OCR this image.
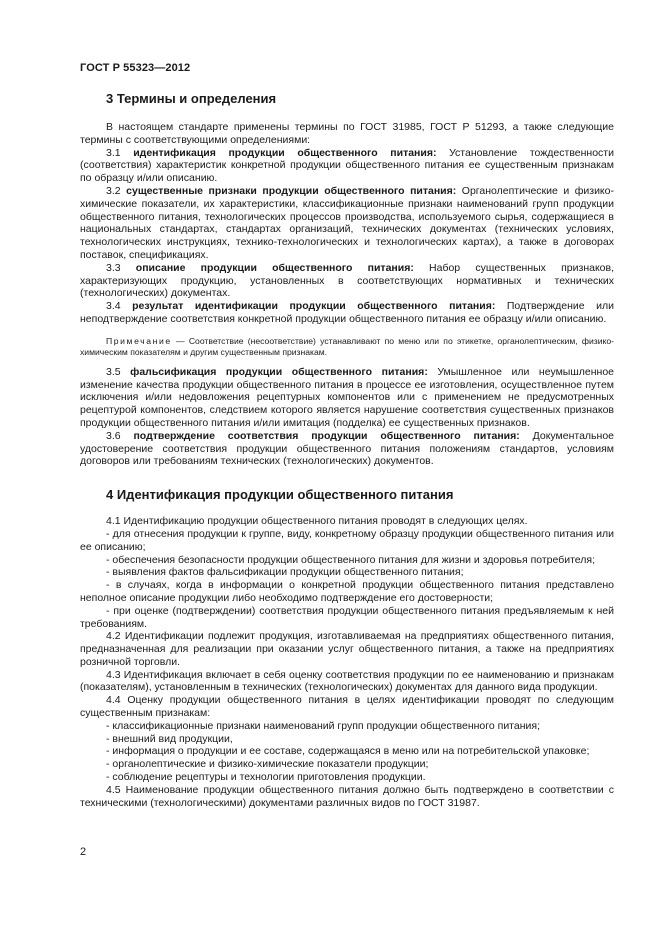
ГОСТ Р 55323—2012
3 Термины и определения

В настоящем стандарте применены термины по ГОСТ 31985, ГОСТ Р 51293, а также следующие термины с соответствующими определениями:

3.1 идентификация продукции общественного питания: Установление тождественности (соответствия) характеристик конкретной продукции общественного питания ее существенным признакам по образцу и/или описанию.

3.2 существенные признаки продукции общественного питания: Органолептические и физико-химические показатели, их характеристики, классификационные признаки наименований групп продукции общественного питания, технологических процессов производства, используемого сырья, содержащиеся в национальных стандартах, стандартах организаций, технических документах (технических условиях, технологических инструкциях, технико-технологических и технологических картах), а также в договорах поставок, спецификациях.

3.3 описание продукции общественного питания: Набор существенных признаков, характеризующих продукцию, установленных в соответствующих нормативных и технических (технологических) документах.

3.4 результат идентификации продукции общественного питания: Подтверждение или неподтверждение соответствия конкретной продукции общественного питания ее образцу и/или описанию.

Примечание — Соответствие (несоответствие) устанавливают по меню или по этикетке, органолептическим, физико-химическим показателям и другим существенным признакам.

3.5 фальсификация продукции общественного питания: Умышленное или неумышленное изменение качества продукции общественного питания в процессе ее изготовления, осуществленное путем исключения и/или недовложения рецептурных компонентов или с применением не предусмотренных рецептурой компонентов, следствием которого является нарушение соответствия существенных признаков продукции общественного питания и/или имитация (подделка) ее существенных признаков.

3.6 подтверждение соответствия продукции общественного питания: Документальное удостоверение соответствия продукции общественного питания положениям стандартов, условиям договоров или требованиям технических (технологических) документов.

4 Идентификация продукции общественного питания

4.1 Идентификацию продукции общественного питания проводят в следующих целях.

- для отнесения продукции к группе, виду, конкретному образцу продукции общественного питания или ее описанию;

- обеспечения безопасности продукции общественного питания для жизни и здоровья потребителя;

- выявления фактов фальсификации продукции общественного питания;

- в случаях, когда в информации о конкретной продукции общественного питания представлено неполное описание продукции либо необходимо подтверждение его достоверности;

- при оценке (подтверждении) соответствия продукции общественного питания предъявляемым к ней требованиям.

4.2 Идентификации подлежит продукция, изготавливаемая на предприятиях общественного питания, предназначенная для реализации при оказании услуг общественного питания, а также на предприятиях розничной торговли.

4.3 Идентификация включает в себя оценку соответствия продукции по ее наименованию и признакам (показателям), установленным в технических (технологических) документах для данного вида продукции.

4.4 Оценку продукции общественного питания в целях идентификации проводят по следующим существенным признакам:

- классификационные признаки наименований групп продукции общественного питания;

- внешний вид продукции,

- информация о продукции и ее составе, содержащаяся в меню или на потребительской упаковке;

- органолептические и физико-химические показатели продукции;

- соблюдение рецептуры и технологии приготовления продукции.

4.5 Наименование продукции общественного питания должно быть подтверждено в соответствии с техническими (технологическими) документами различных видов по ГОСТ 31987.

2
